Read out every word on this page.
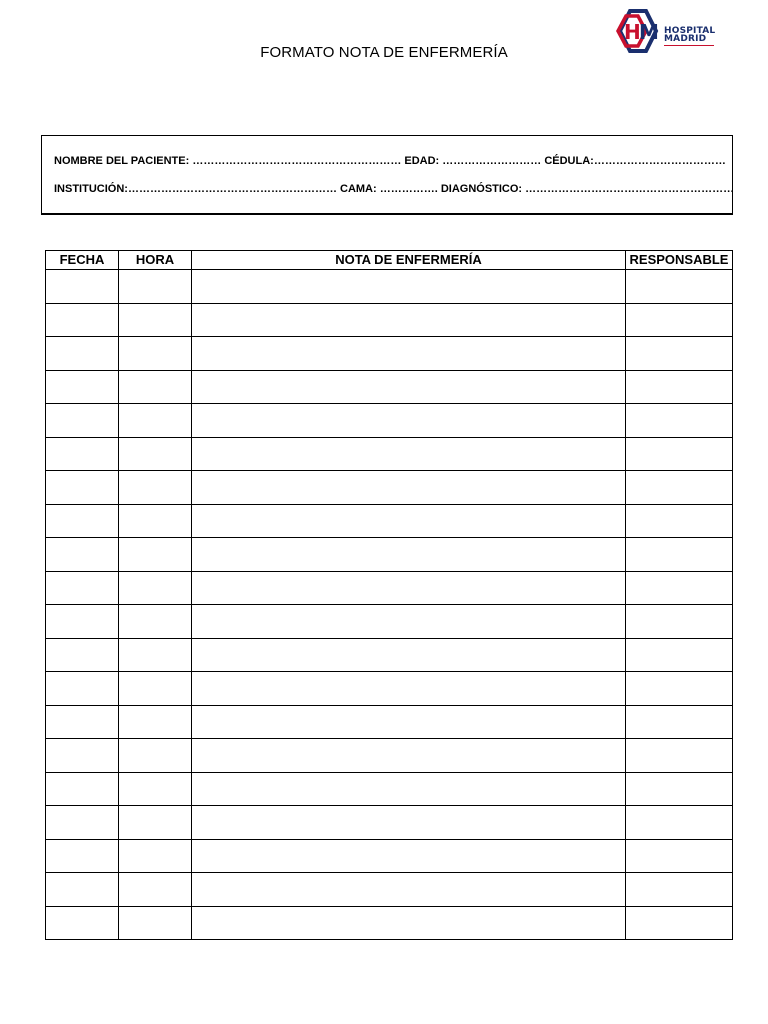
FORMATO NOTA DE ENFERMERÍA
H
M HOSPITAL
MADRID
NOMBRE DEL PACIENTE: ………………………………………………… EDAD: ……………………… CÉDULA:………………………………
INSTITUCIÓN:………………………………………………… CAMA: ……………. DIAGNÓSTICO: …………………………………………………
FECHA	HORA	NOTA DE ENFERMERÍA	RESPONSABLE
